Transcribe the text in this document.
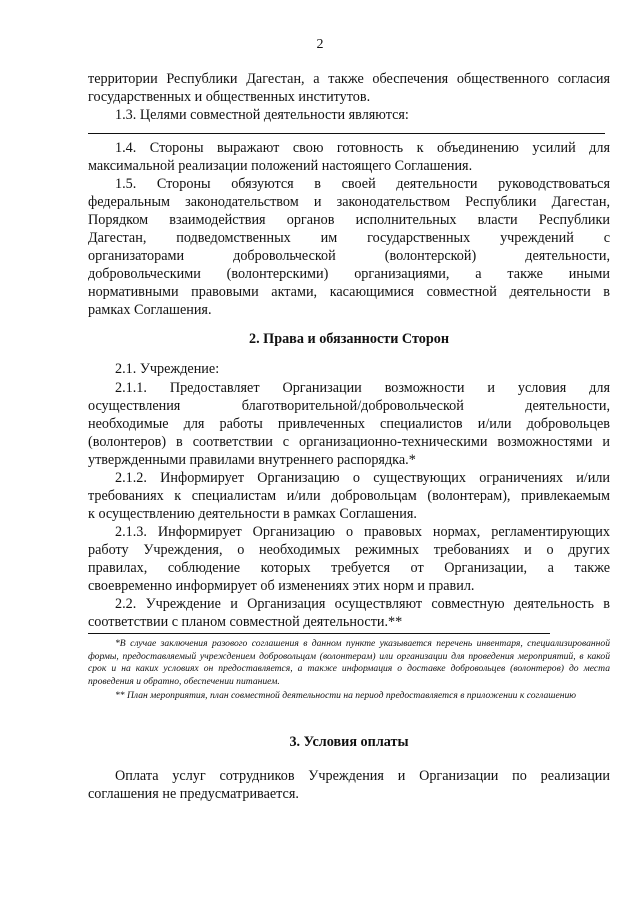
2
территории Республики Дагестан, а также обеспечения общественного согласия
государственных и общественных институтов.
1.3. Целями совместной деятельности являются:
1.4. Стороны выражают свою готовность к объединению усилий для
максимальной реализации положений настоящего Соглашения.
1.5. Стороны обязуются в своей деятельности руководствоваться
федеральным законодательством и законодательством Республики Дагестан,
Порядком взаимодействия органов исполнительных власти Республики
Дагестан, подведомственных им государственных учреждений с
организаторами добровольческой (волонтерской) деятельности,
добровольческими (волонтерскими) организациями, а также иными
нормативными правовыми актами, касающимися совместной деятельности в
рамках Соглашения.
2. Права и обязанности Сторон
2.1. Учреждение:
2.1.1. Предоставляет Организации возможности и условия для
осуществления благотворительной/добровольческой деятельности,
необходимые для работы привлеченных специалистов и/или добровольцев
(волонтеров) в соответствии с организационно-техническими возможностями и
утвержденными правилами внутреннего распорядка.*
2.1.2. Информирует Организацию о существующих ограничениях и/или
требованиях к специалистам и/или добровольцам (волонтерам), привлекаемым
к осуществлению деятельности в рамках Соглашения.
2.1.3. Информирует Организацию о правовых нормах, регламентирующих
работу Учреждения, о необходимых режимных требованиях и о других
правилах, соблюдение которых требуется от Организации, а также
своевременно информирует об изменениях этих норм и правил.
2.2. Учреждение и Организация осуществляют совместную деятельность в
соответствии с планом совместной деятельности.**
*В случае заключения разового соглашения в данном пункте указывается перечень инвентаря, специализированной формы, предоставляемый учреждением добровольцам (волонтерам) или организации для проведения мероприятий, в какой срок и на каких условиях он предоставляется, а также информация о доставке добровольцев (волонтеров) до места проведения и обратно, обеспечении питанием.
** План мероприятия, план совместной деятельности на период предоставляется в приложении к соглашению
3. Условия оплаты
Оплата услуг сотрудников Учреждения и Организации по реализации
соглашения не предусматривается.
